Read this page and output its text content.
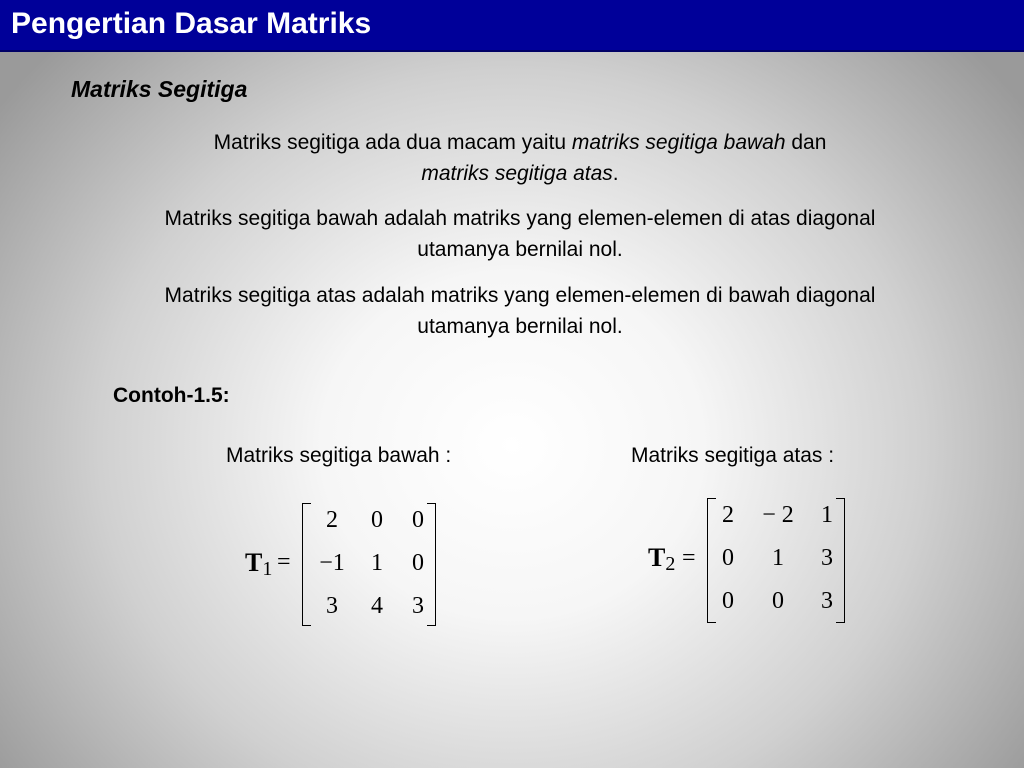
Pengertian Dasar Matriks
Matriks Segitiga
Matriks segitiga ada dua macam yaitu matriks segitiga bawah dan
matriks segitiga atas.
Matriks segitiga bawah adalah matriks yang elemen-elemen di atas diagonal utamanya bernilai nol.
Matriks segitiga atas adalah matriks yang elemen-elemen di bawah diagonal utamanya bernilai nol.
Contoh-1.5:
Matriks segitiga bawah :	Matriks segitiga atas :
$T_1$ =
2	0	0
−1	1	0
3	4	3
$T_2$ =
2	− 2	1
0	1	3
0	0	3
